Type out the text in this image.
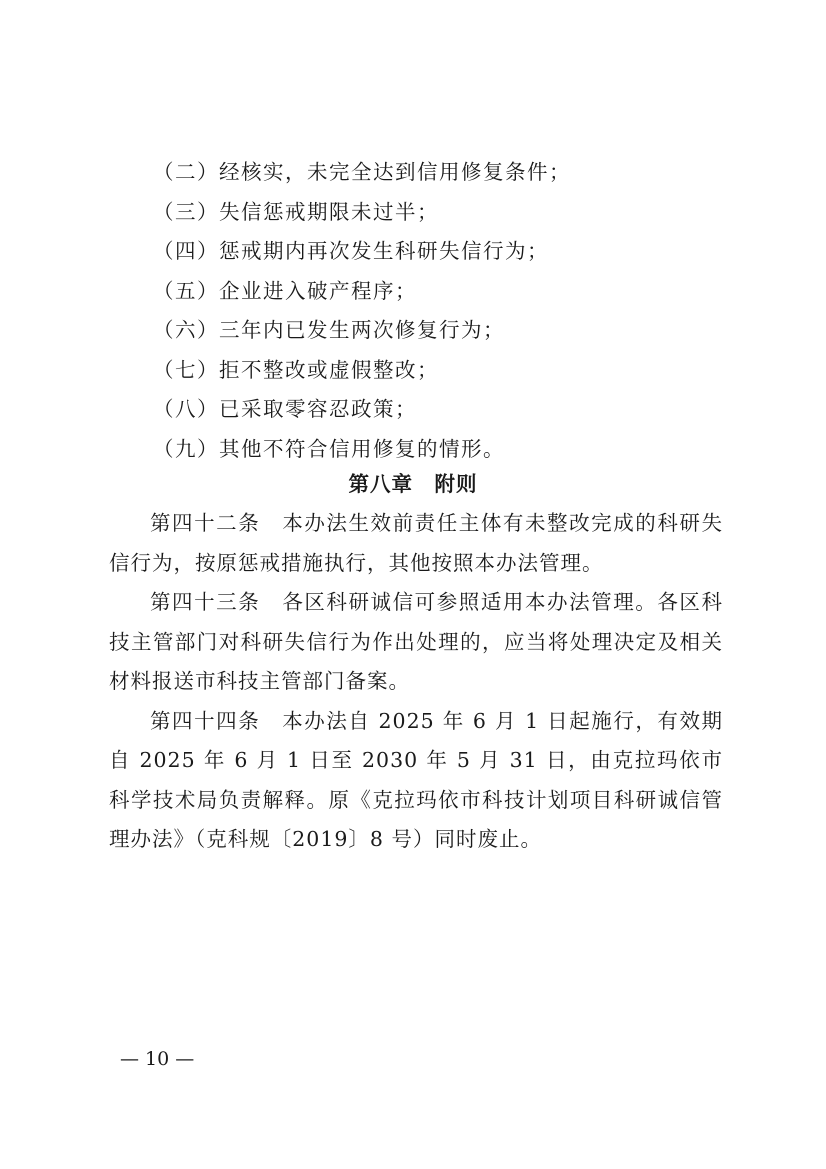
（二）经核实，未完全达到信用修复条件；
（三）失信惩戒期限未过半；
（四）惩戒期内再次发生科研失信行为；
（五）企业进入破产程序；
（六）三年内已发生两次修复行为；
（七）拒不整改或虚假整改；
（八）已采取零容忍政策；
（九）其他不符合信用修复的情形。
第八章　附则

第四十二条 本办法生效前责任主体有未整改完成的科研失信行为，按原惩戒措施执行，其他按照本办法管理。

第四十三条 各区科研诚信可参照适用本办法管理。各区科技主管部门对科研失信行为作出处理的，应当将处理决定及相关材料报送市科技主管部门备案。

第四十四条 本办法自 2025 年 6 月 1 日起施行，有效期自 2025 年 6 月 1 日至 2030 年 5 月 31 日，由克拉玛依市科学技术局负责解释。原《克拉玛依市科技计划项目科研诚信管理办法》（克科规〔2019〕8 号）同时废止。

— 10 —
